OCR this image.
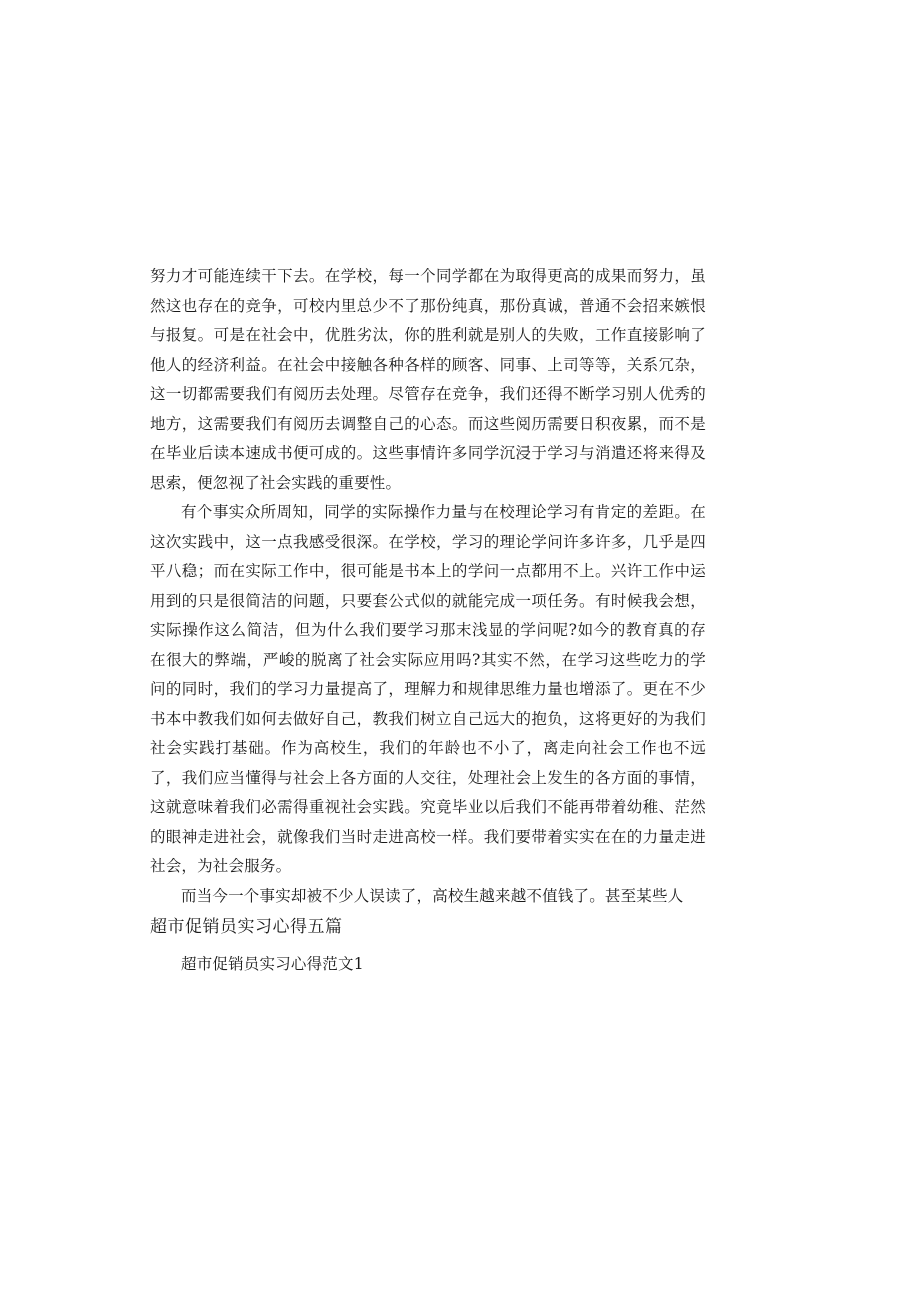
努力才可能连续干下去。在学校，每一个同学都在为取得更高的成果而努力，虽然这也存在的竞争，可校内里总少不了那份纯真，那份真诚，普通不会招来嫉恨与报复。可是在社会中，优胜劣汰，你的胜利就是别人的失败，工作直接影响了他人的经济利益。在社会中接触各种各样的顾客、同事、上司等等，关系冗杂，这一切都需要我们有阅历去处理。尽管存在竞争，我们还得不断学习别人优秀的地方，这需要我们有阅历去调整自己的心态。而这些阅历需要日积夜累，而不是在毕业后读本速成书便可成的。这些事情许多同学沉浸于学习与消遣还将来得及思索，便忽视了社会实践的重要性。

有个事实众所周知，同学的实际操作力量与在校理论学习有肯定的差距。在这次实践中，这一点我感受很深。在学校，学习的理论学问许多许多，几乎是四平八稳；而在实际工作中，很可能是书本上的学问一点都用不上。兴许工作中运用到的只是很简洁的问题，只要套公式似的就能完成一项任务。有时候我会想，实际操作这么简洁，但为什么我们要学习那末浅显的学问呢?如今的教育真的存在很大的弊端，严峻的脱离了社会实际应用吗?其实不然，在学习这些吃力的学问的同时，我们的学习力量提高了，理解力和规律思维力量也增添了。更在不少书本中教我们如何去做好自己，教我们树立自己远大的抱负，这将更好的为我们社会实践打基础。作为高校生，我们的年龄也不小了，离走向社会工作也不远了，我们应当懂得与社会上各方面的人交往，处理社会上发生的各方面的事情，这就意味着我们必需得重视社会实践。究竟毕业以后我们不能再带着幼稚、茫然的眼神走进社会，就像我们当时走进高校一样。我们要带着实实在在的力量走进社会，为社会服务。

而当今一个事实却被不少人误读了，高校生越来越不值钱了。甚至某些人

超市促销员实习心得五篇

超市促销员实习心得范文1
